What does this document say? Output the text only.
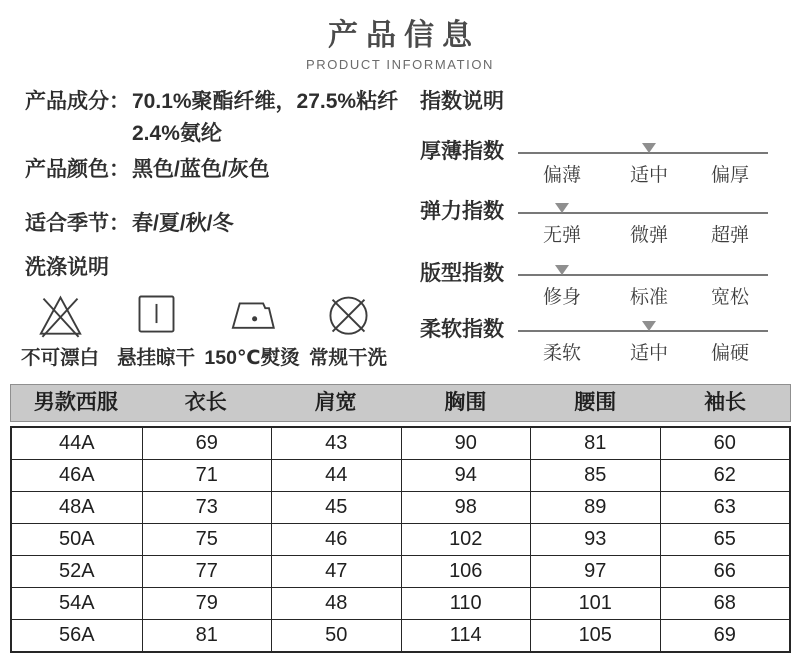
产品信息
PRODUCT INFORMATION
产品成分： 70.1%聚酯纤维，27.5%粘纤
2.4%氨纶
产品颜色： 黑色/蓝色/灰色
适合季节： 春/夏/秋/冬
洗涤说明
不可漂白 悬挂晾干 150℃熨烫 常规干洗
指数说明
厚薄指数
偏薄	适中 偏厚
弹力指数
无弹	微弹 超弹
版型指数
修身	标准 宽松
柔软指数
柔软	适中 偏硬
男款西服	衣长	肩宽	胸围	腰围	袖长
44A	69	43	90	81	60
46A	71	44	94	85	62
48A	73	45	98	89	63
50A	75	46	102	93	65
52A	77	47	106	97	66
54A	79	48	110	101	68
56A	81	50	114	105	69
